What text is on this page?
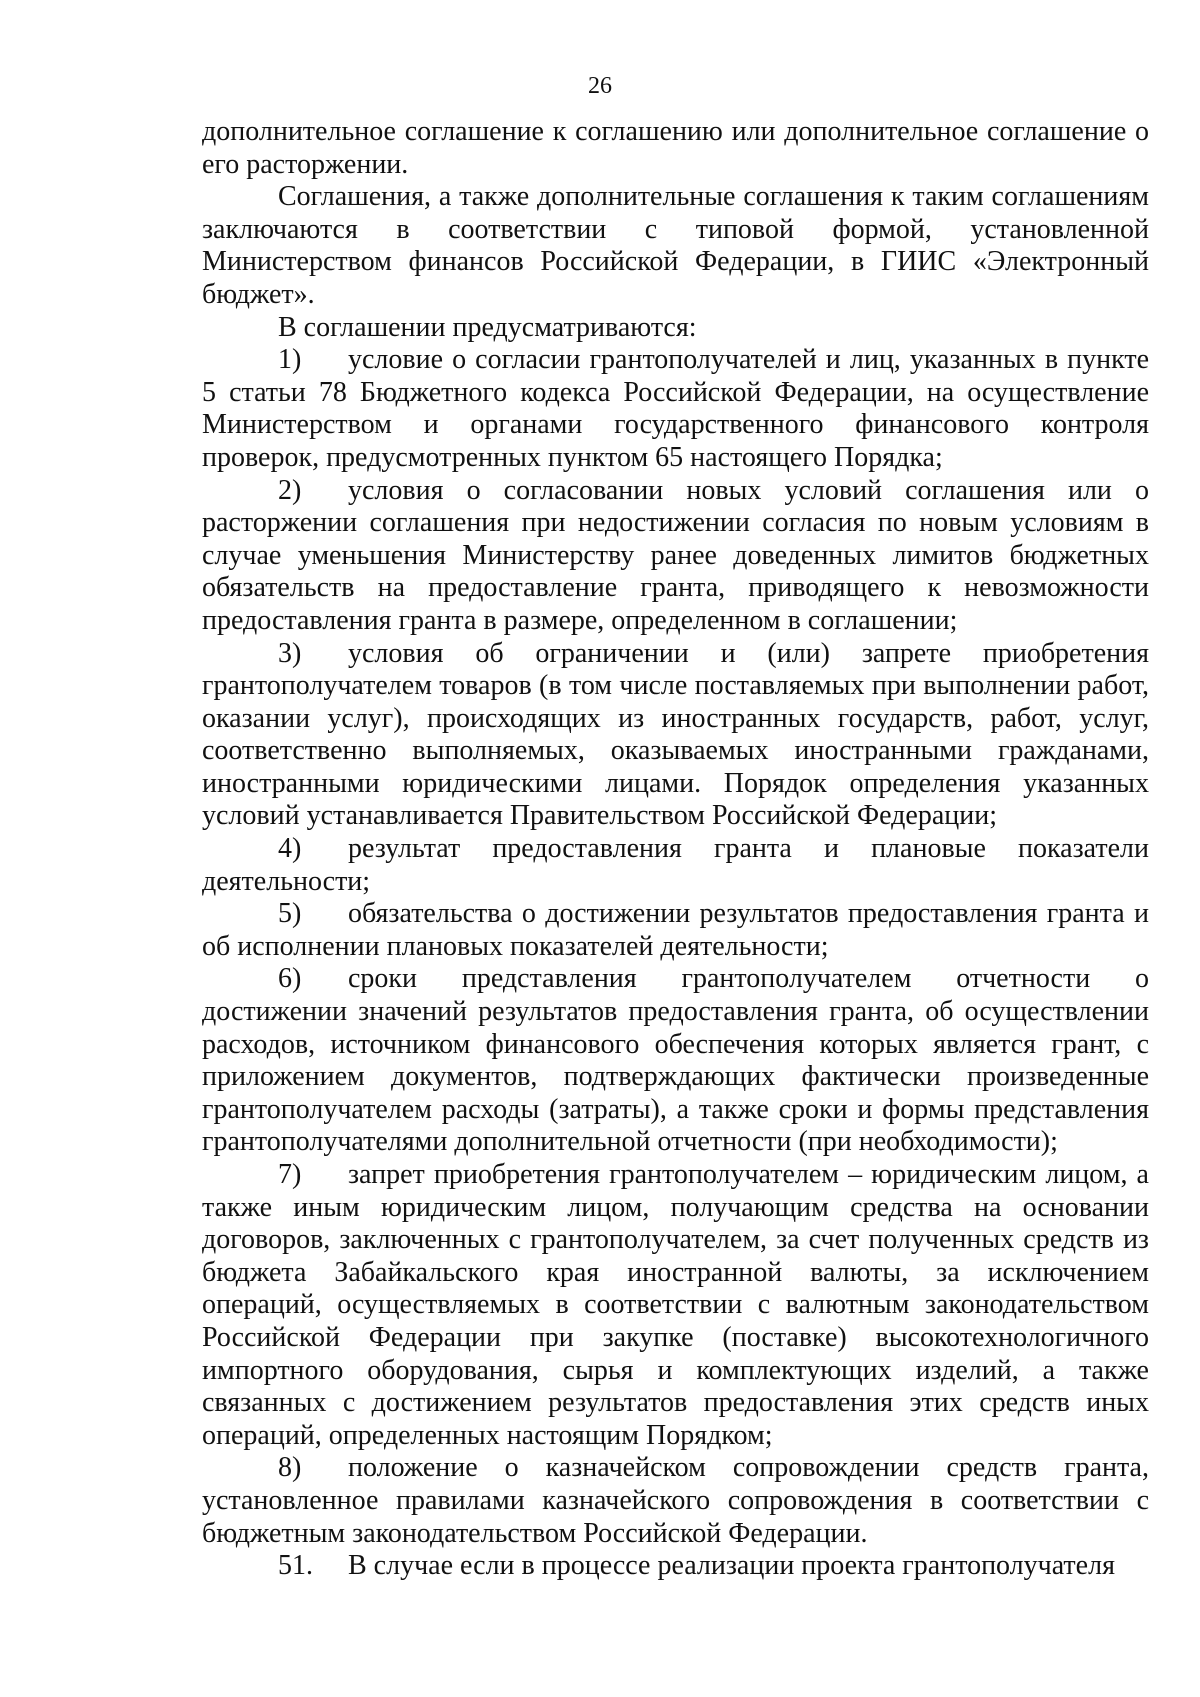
26

дополнительное соглашение к соглашению или дополнительное соглашение о его расторжении.

Соглашения, а также дополнительные соглашения к таким соглашениям заключаются в соответствии с типовой формой, установленной Министерством финансов Российской Федерации, в ГИИС «Электронный бюджет».

В соглашении предусматриваются:

1) условие о согласии грантополучателей и лиц, указанных в пункте 5 статьи 78 Бюджетного кодекса Российской Федерации, на осуществление Министерством и органами государственного финансового контроля проверок, предусмотренных пунктом 65 настоящего Порядка;

2) условия о согласовании новых условий соглашения или о расторжении соглашения при недостижении согласия по новым условиям в случае уменьшения Министерству ранее доведенных лимитов бюджетных обязательств на предоставление гранта, приводящего к невозможности предоставления гранта в размере, определенном в соглашении;

3) условия об ограничении и (или) запрете приобретения грантополучателем товаров (в том числе поставляемых при выполнении работ, оказании услуг), происходящих из иностранных государств, работ, услуг, соответственно выполняемых, оказываемых иностранными гражданами, иностранными юридическими лицами. Порядок определения указанных условий устанавливается Правительством Российской Федерации;

4) результат предоставления гранта и плановые показатели деятельности;

5) обязательства о достижении результатов предоставления гранта и об исполнении плановых показателей деятельности;

6) сроки представления грантополучателем отчетности о достижении значений результатов предоставления гранта, об осуществлении расходов, источником финансового обеспечения которых является грант, с приложением документов, подтверждающих фактически произведенные грантополучателем расходы (затраты), а также сроки и формы представления грантополучателями дополнительной отчетности (при необходимости);

7) запрет приобретения грантополучателем – юридическим лицом, а также иным юридическим лицом, получающим средства на основании договоров, заключенных с грантополучателем, за счет полученных средств из бюджета Забайкальского края иностранной валюты, за исключением операций, осуществляемых в соответствии с валютным законодательством Российской Федерации при закупке (поставке) высокотехнологичного импортного оборудования, сырья и комплектующих изделий, а также связанных с достижением результатов предоставления этих средств иных операций, определенных настоящим Порядком;

8) положение о казначейском сопровождении средств гранта, установленное правилами казначейского сопровождения в соответствии с бюджетным законодательством Российской Федерации.

51. В случае если в процессе реализации проекта грантополучателя
